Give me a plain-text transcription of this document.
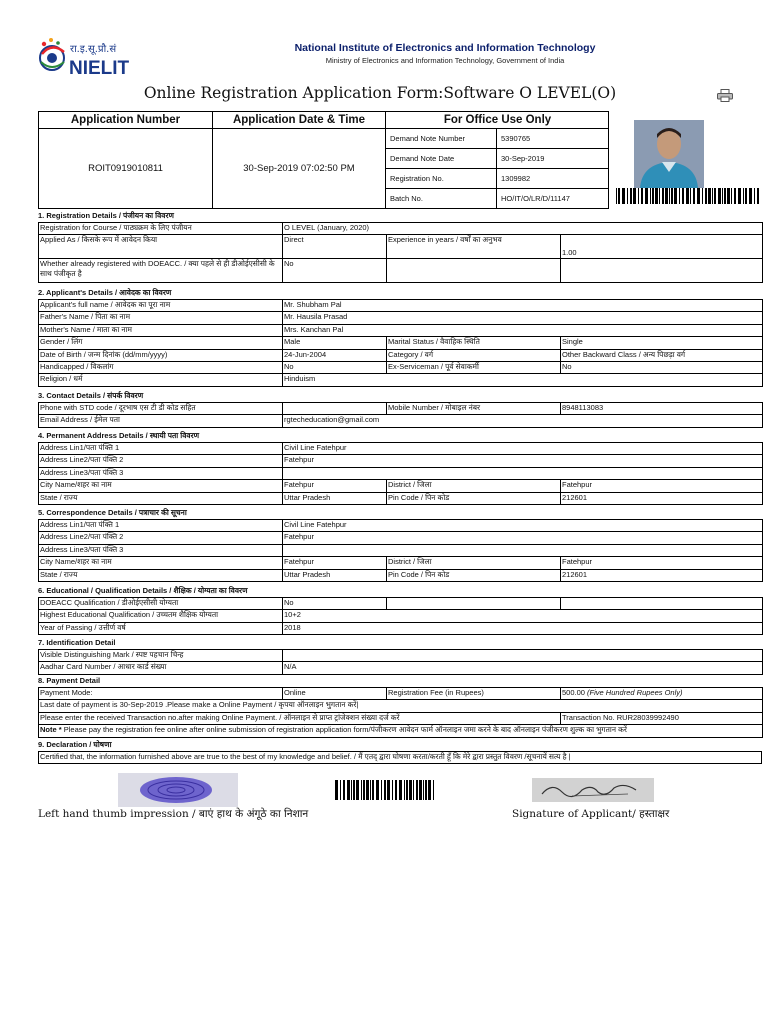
रा.इ.सू.प्रौ.सं
NIELIT
National Institute of Electronics and Information Technology
Ministry of Electronics and Information Technology, Government of India
Online Registration Application Form:Software O LEVEL(O)
Application Number
ROIT0919010811
Application Date & Time
30-Sep-2019 07:02:50 PM
For Office Use Only
Demand Note Number	5390765
Demand Note Date	30-Sep-2019
Registration No.	1309982
Batch No.	HO/IT/O/LR/D/11147
1. Registration Details / पंजीयन का विवरण
Registration for Course / पाठ्यक्रम के लिए पंजीयन	O LEVEL (January, 2020)		
Applied As / किसके रूप में आवेदन किया	Direct	Experience in years / वर्षों का अनुभव	1.00
Whether already registered with DOEACC. / क्या पहले से ही डीओईएसीसी के साथ पंजीकृत है	No		
2. Applicant's Details / आवेदक का विवरण
Applicant's full name / आवेदक का पूरा नाम	Mr. Shubham Pal		
Father's Name / पिता का नाम	Mr. Hausila Prasad		
Mother's Name / माता का नाम	Mrs. Kanchan Pal		
Gender / लिंग	Male	Marital Status / वैवाहिक स्थिति	Single
Date of Birth / जन्म दिनांक (dd/mm/yyyy)	24-Jun-2004	Category / वर्ग	Other Backward Class / अन्य पिछड़ा वर्ग
Handicapped / विकलांग	No	Ex-Serviceman / पूर्व सेवाकर्मी	No
Religion / धर्म	Hinduism		
3. Contact Details / संपर्क विवरण
Phone with STD code / दूरभाष एस टी डी कोड सहित		Mobile Number / मोबाइल नंबर	8948113083
Email Address / ईमेल पता	rgtecheducation@gmail.com		
4. Permanent Address Details / स्थायी पता विवरण
Address Lin1/पता पंक्ति 1	Civil Line Fatehpur		
Address Line2/पता पंक्ति 2	Fatehpur		
Address Line3/पता पंक्ति 3			
City Name/शहर का नाम	Fatehpur	District / जिला	Fatehpur
State / राज्य	Uttar Pradesh	Pin Code / पिन कोड	212601
5. Correspondence Details / पत्राचार की सूचना
Address Lin1/पता पंक्ति 1	Civil Line Fatehpur		
Address Line2/पता पंक्ति 2	Fatehpur		
Address Line3/पता पंक्ति 3			
City Name/शहर का नाम	Fatehpur	District / जिला	Fatehpur
State / राज्य	Uttar Pradesh	Pin Code / पिन कोड	212601
6. Educational / Qualification Details / शैक्षिक / योग्यता का विवरण
DOEACC Qualification / डीओईएसीसी योग्यता	No		
Highest Educational Qualification / उच्चतम शैक्षिक योग्यता	10+2		
Year of Passing / उत्तीर्ण वर्ष	2018		
7. Identification Detail
Visible Distinguishing Mark / स्पष्ट पहचान चिन्ह	
Aadhar Card Number / आधार कार्ड संख्या	N/A
8. Payment Detail
Payment Mode:	Online	Registration Fee (in Rupees)	500.00 (Five Hundred Rupees Only)
Last date of payment is 30-Sep-2019 .Please make a Online Payment / कृपया ऑनलाइन भुगतान करें|			
Please enter the received Transaction no.after making Online Payment. / ऑनलाइन से प्राप्त ट्रांजेक्शन संख्या दर्ज करें			Transaction No. RUR28039992490
Note * Please pay the registration fee online after online submission of registration application form/पंजीकरण आवेदन फार्म ऑनलाइन जमा करने के बाद ऑनलाइन पंजीकरण शुल्क का भुगतान करें			
9. Declaration / घोषणा
Certified that, the information furnished above are true to the best of my knowledge and belief. / मैं एतद् द्वारा घोषणा करता/करती हूँ कि मेरे द्वारा प्रस्तुत विवरण /सूचनायें सत्य है |
Left hand thumb impression / बाएं हाथ के अंगूठे का निशान	Signature of Applicant/ हस्ताक्षर
